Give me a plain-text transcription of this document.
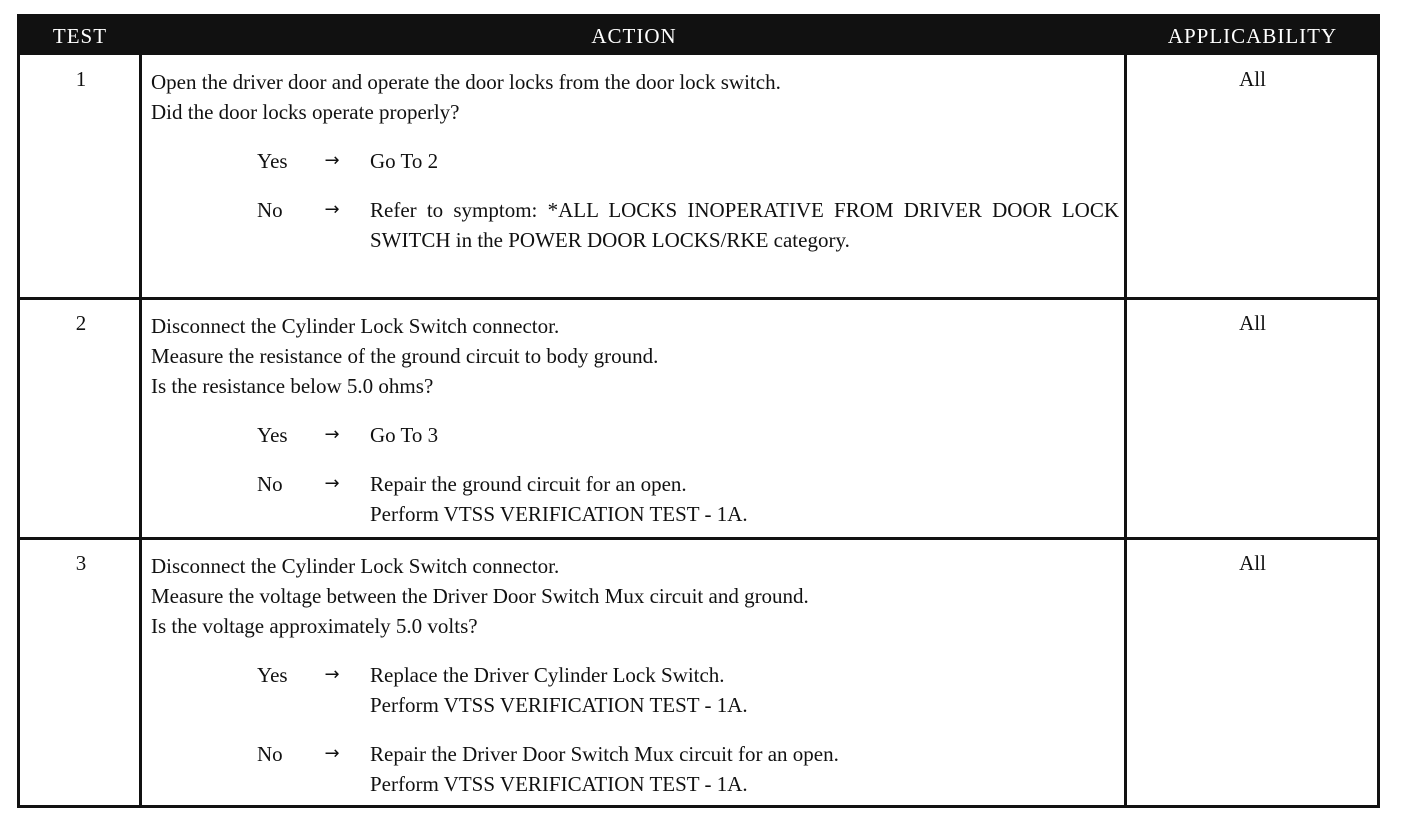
TEST	ACTION	APPLICABILITY
1	Open the driver door and operate the door locks from the door lock switch.
Did the door locks operate properly?
Yes	→	Go To 2
No	→	Refer to symptom: *ALL LOCKS INOPERATIVE FROM DRIVER DOOR LOCK SWITCH in the POWER DOOR LOCKS/RKE category.
All
2	Disconnect the Cylinder Lock Switch connector.
Measure the resistance of the ground circuit to body ground.
Is the resistance below 5.0 ohms?
Yes	→	Go To 3
No	→	Repair the ground circuit for an open.
Perform VTSS VERIFICATION TEST - 1A.
All
3	Disconnect the Cylinder Lock Switch connector.
Measure the voltage between the Driver Door Switch Mux circuit and ground.
Is the voltage approximately 5.0 volts?
Yes	→	Replace the Driver Cylinder Lock Switch.
Perform VTSS VERIFICATION TEST - 1A.
No	→	Repair the Driver Door Switch Mux circuit for an open.
Perform VTSS VERIFICATION TEST - 1A.
All
